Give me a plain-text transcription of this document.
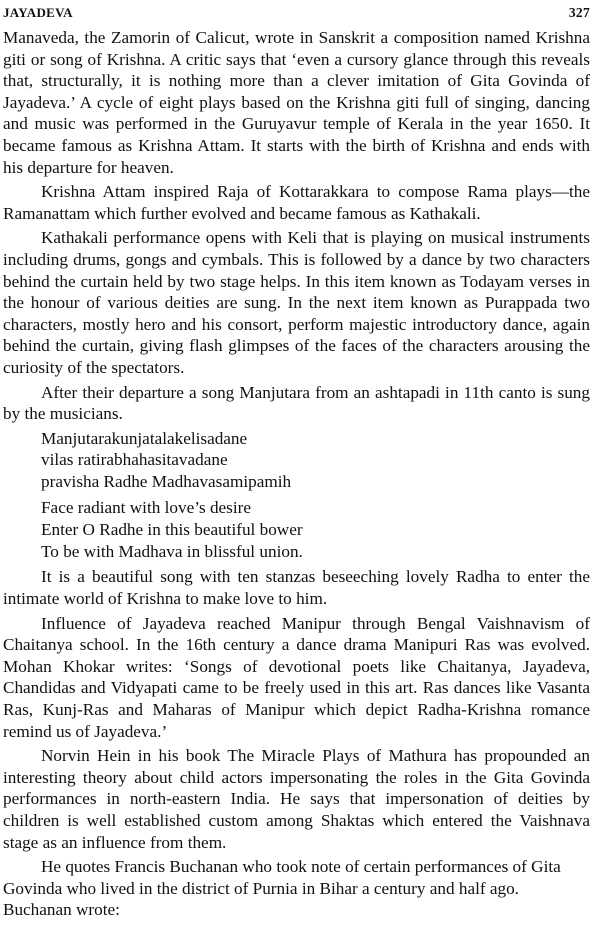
JAYADEVA	327

Manaveda, the Zamorin of Calicut, wrote in Sanskrit a composition named Krishna giti or song of Krishna. A critic says that ‘even a cursory glance through this reveals that, structurally, it is nothing more than a clever imitation of Gita Govinda of Jayadeva.’ A cycle of eight plays based on the Krishna giti full of singing, dancing and music was performed in the Guruyavur temple of Kerala in the year 1650. It became famous as Krishna Attam. It starts with the birth of Krishna and ends with his departure for heaven.

Krishna Attam inspired Raja of Kottarakkara to compose Rama plays—the Ramanattam which further evolved and became famous as Kathakali.

Kathakali performance opens with Keli that is playing on musical instruments including drums, gongs and cymbals. This is followed by a dance by two characters behind the curtain held by two stage helps. In this item known as Todayam verses in the honour of various deities are sung. In the next item known as Purappada two characters, mostly hero and his consort, perform majestic introductory dance, again behind the curtain, giving flash glimpses of the faces of the characters arousing the curiosity of the spectators.

After their departure a song Manjutara from an ashtapadi in 11th canto is sung by the musicians.

Manjutarakunjatalakelisadane
vilas ratirabhahasitavadane
pravisha Radhe Madhavasamipamih
Face radiant with love’s desire
Enter O Radhe in this beautiful bower
To be with Madhava in blissful union.

It is a beautiful song with ten stanzas beseeching lovely Radha to enter the intimate world of Krishna to make love to him.

Influence of Jayadeva reached Manipur through Bengal Vaishnavism of Chaitanya school. In the 16th century a dance drama Manipuri Ras was evolved. Mohan Khokar writes: ‘Songs of devotional poets like Chaitanya, Jayadeva, Chandidas and Vidyapati came to be freely used in this art. Ras dances like Vasanta Ras, Kunj-Ras and Maharas of Manipur which depict Radha-Krishna romance remind us of Jayadeva.’

Norvin Hein in his book The Miracle Plays of Mathura has propounded an interesting theory about child actors impersonating the roles in the Gita Govinda performances in north-eastern India. He says that impersonation of deities by children is well established custom among Shaktas which entered the Vaishnava stage as an influence from them.

He quotes Francis Buchanan who took note of certain performances of Gita Govinda who lived in the district of Purnia in Bihar a century and half ago. Buchanan wrote:
